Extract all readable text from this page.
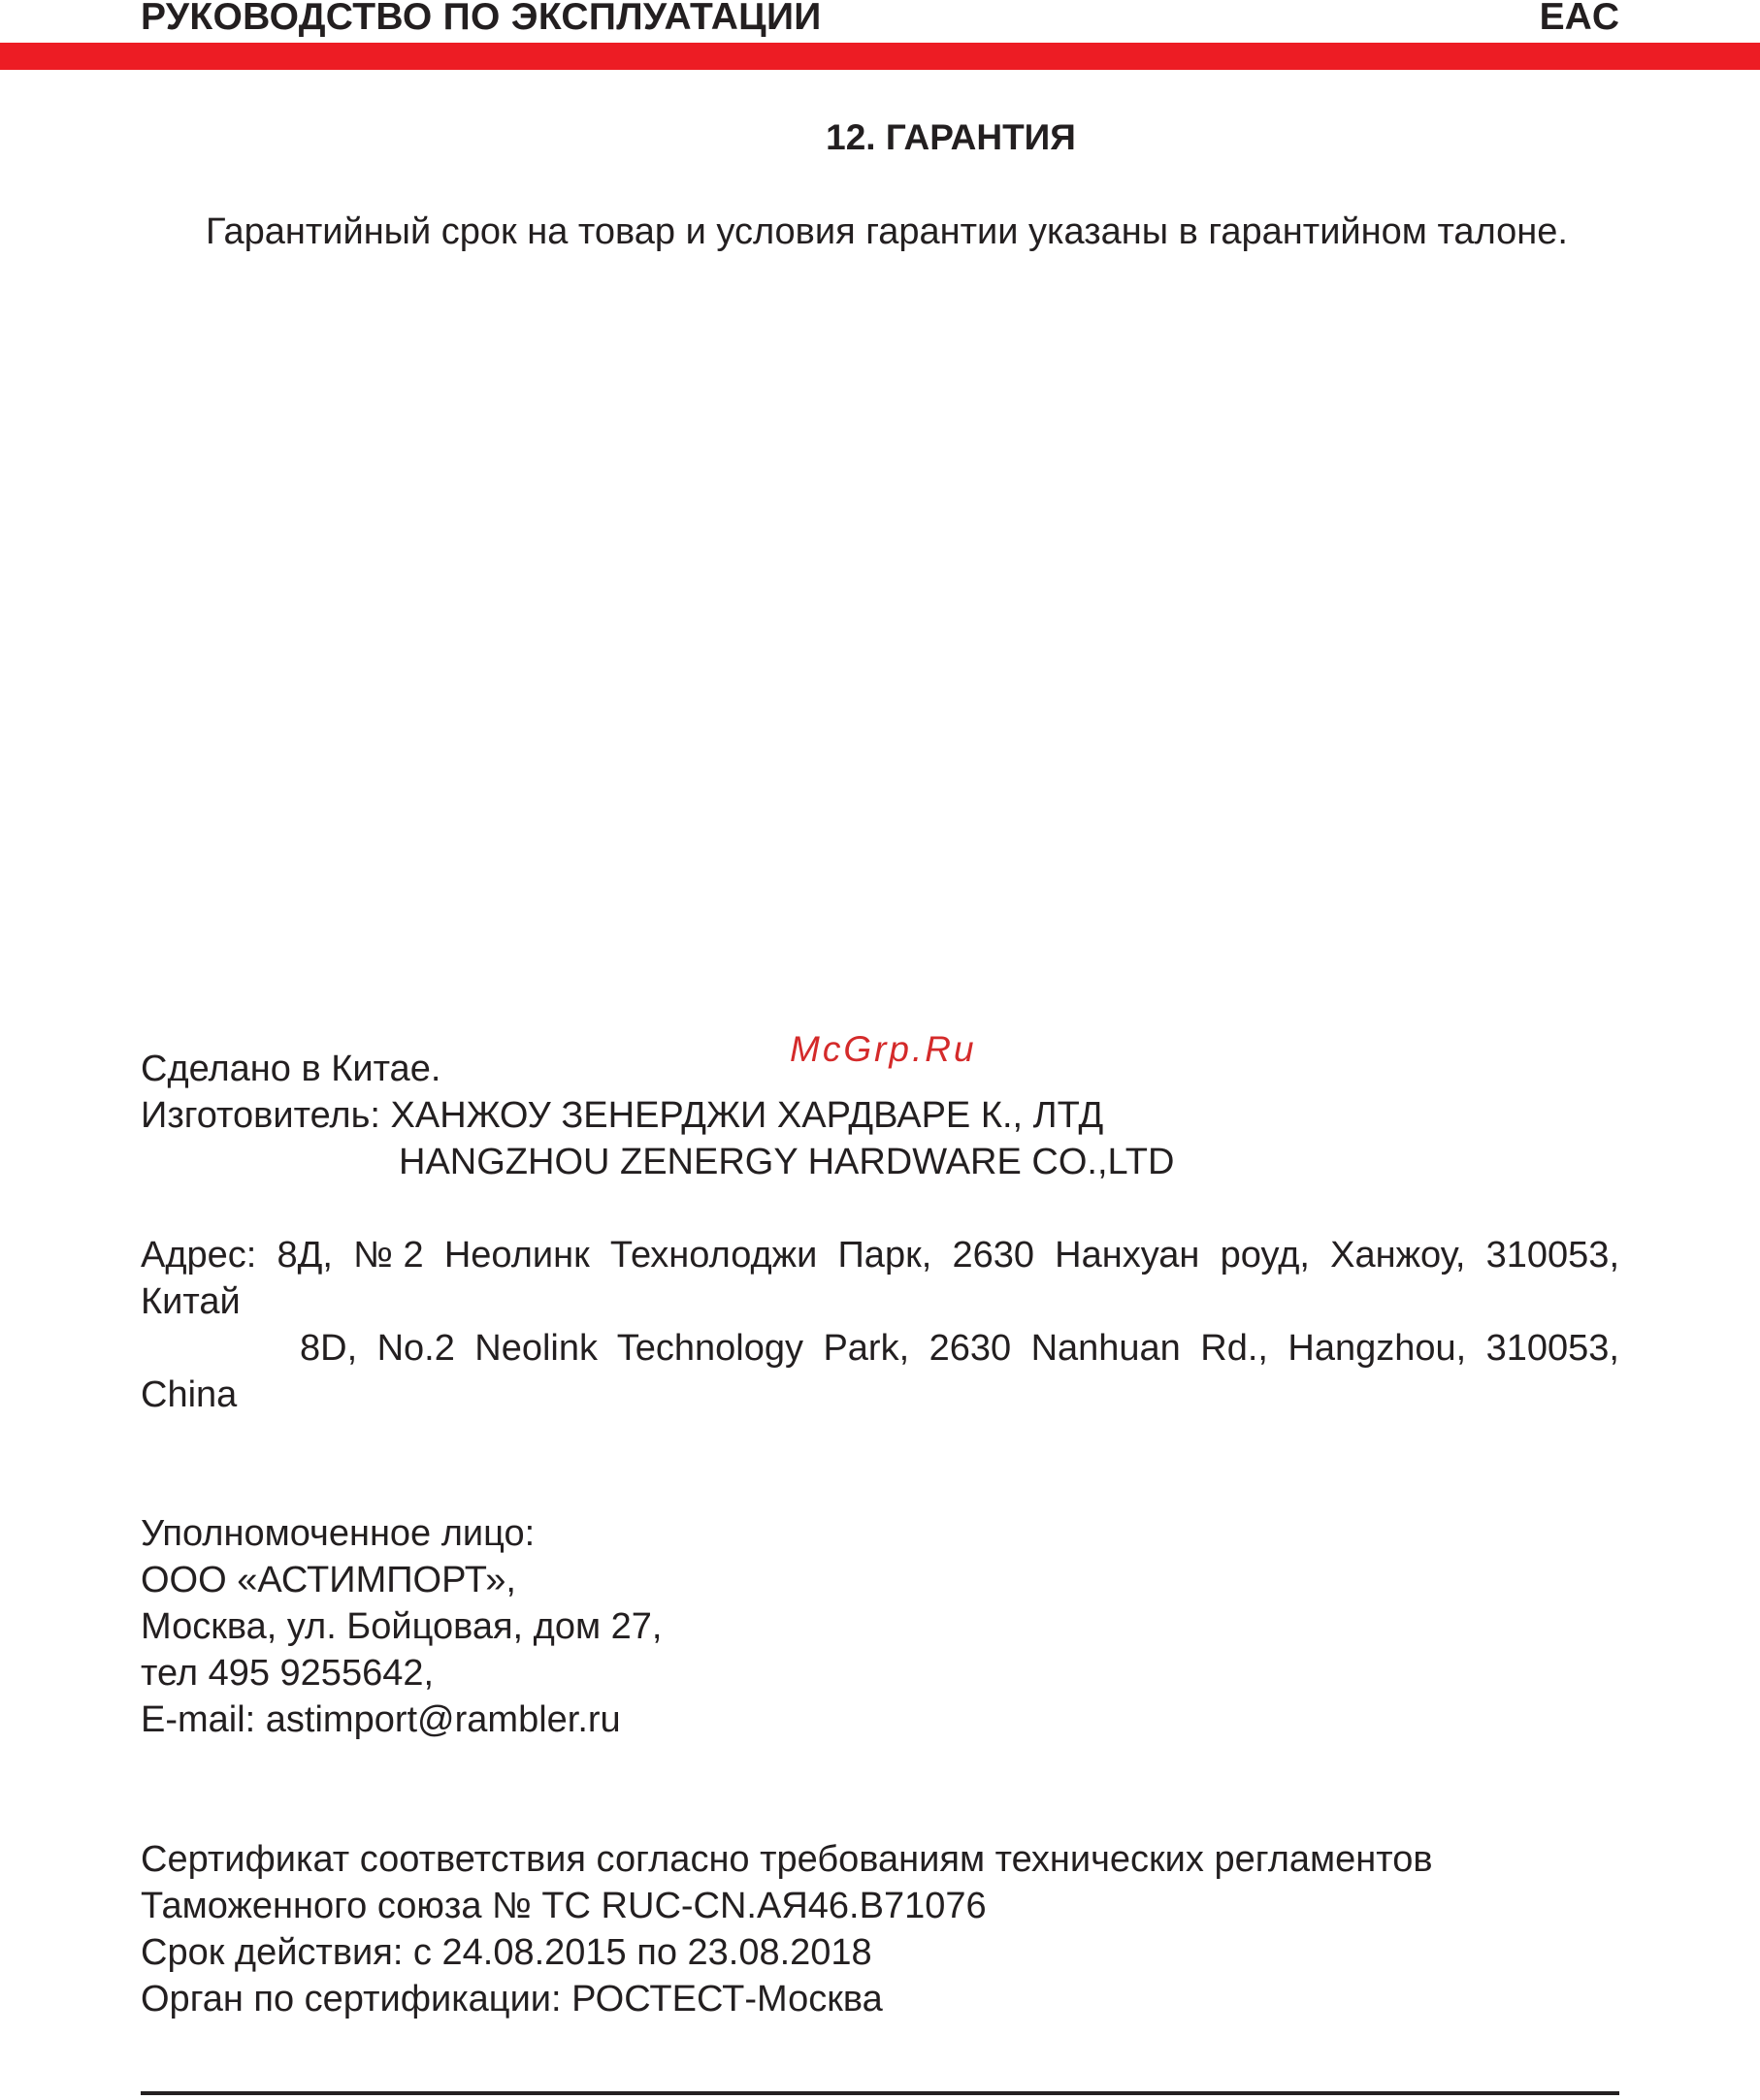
РУКОВОДСТВО ПО ЭКСПЛУАТАЦИИ	EAC
12. ГАРАНТИЯ
Гарантийный срок на товар и условия гарантии указаны в гарантийном талоне.
McGrp.Ru
Сделано в Китае.
Изготовитель: ХАНЖОУ ЗЕНЕРДЖИ ХАРДВАРЕ К., ЛТД
HANGZHOU ZENERGY HARDWARE CO.,LTD
Адрес: 8Д, №2 Неолинк Технолоджи Парк, 2630 Нанхуан роуд, Ханжоу, 310053,
Китай
8D, No.2 Neolink Technology Park, 2630 Nanhuan Rd., Hangzhou, 310053,
China
Уполномоченное лицо:
ООО «АСТИМПОРТ»,
Москва, ул. Бойцовая, дом 27,
тел 495 9255642,
E-mail: astimport@rambler.ru
Сертификат соответствия согласно требованиям технических регламентов
Таможенного союза № ТС RUC-CN.АЯ46.В71076
Срок действия: с 24.08.2015 по 23.08.2018
Орган по сертификации: РОСТЕСТ-Москва
